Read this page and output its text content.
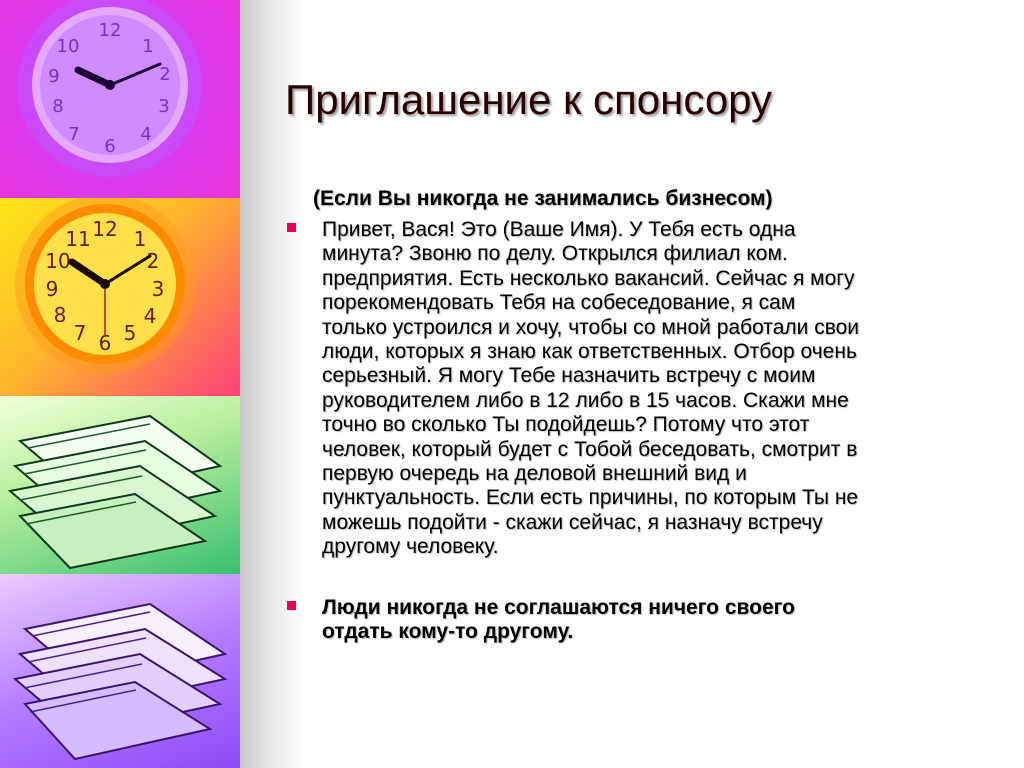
12
1
2
3
4
6
7
8
9
10
12 1
2
3
4
5
6
7
8
9
10
11
Приглашение к спонсору

(Если Вы никогда не занимались бизнесом)

Привет, Вася! Это (Ваше Имя). У Тебя есть одна
минута? Звоню по делу. Открылся филиал ком.
предприятия. Есть несколько вакансий. Сейчас я могу
порекомендовать Тебя на собеседование, я сам
только устроился и хочу, чтобы со мной работали свои
люди, которых я знаю как ответственных. Отбор очень
серьезный. Я могу Тебе назначить встречу с моим
руководителем либо в 12 либо в 15 часов. Скажи мне
точно во сколько Ты подойдешь? Потому что этот
человек, который будет с Тобой беседовать, смотрит в
первую очередь на деловой внешний вид и
пунктуальность. Если есть причины, по которым Ты не
можешь подойти - скажи сейчас, я назначу встречу
другому человеку.

Люди никогда не соглашаются ничего своего
отдать кому-то другому.
